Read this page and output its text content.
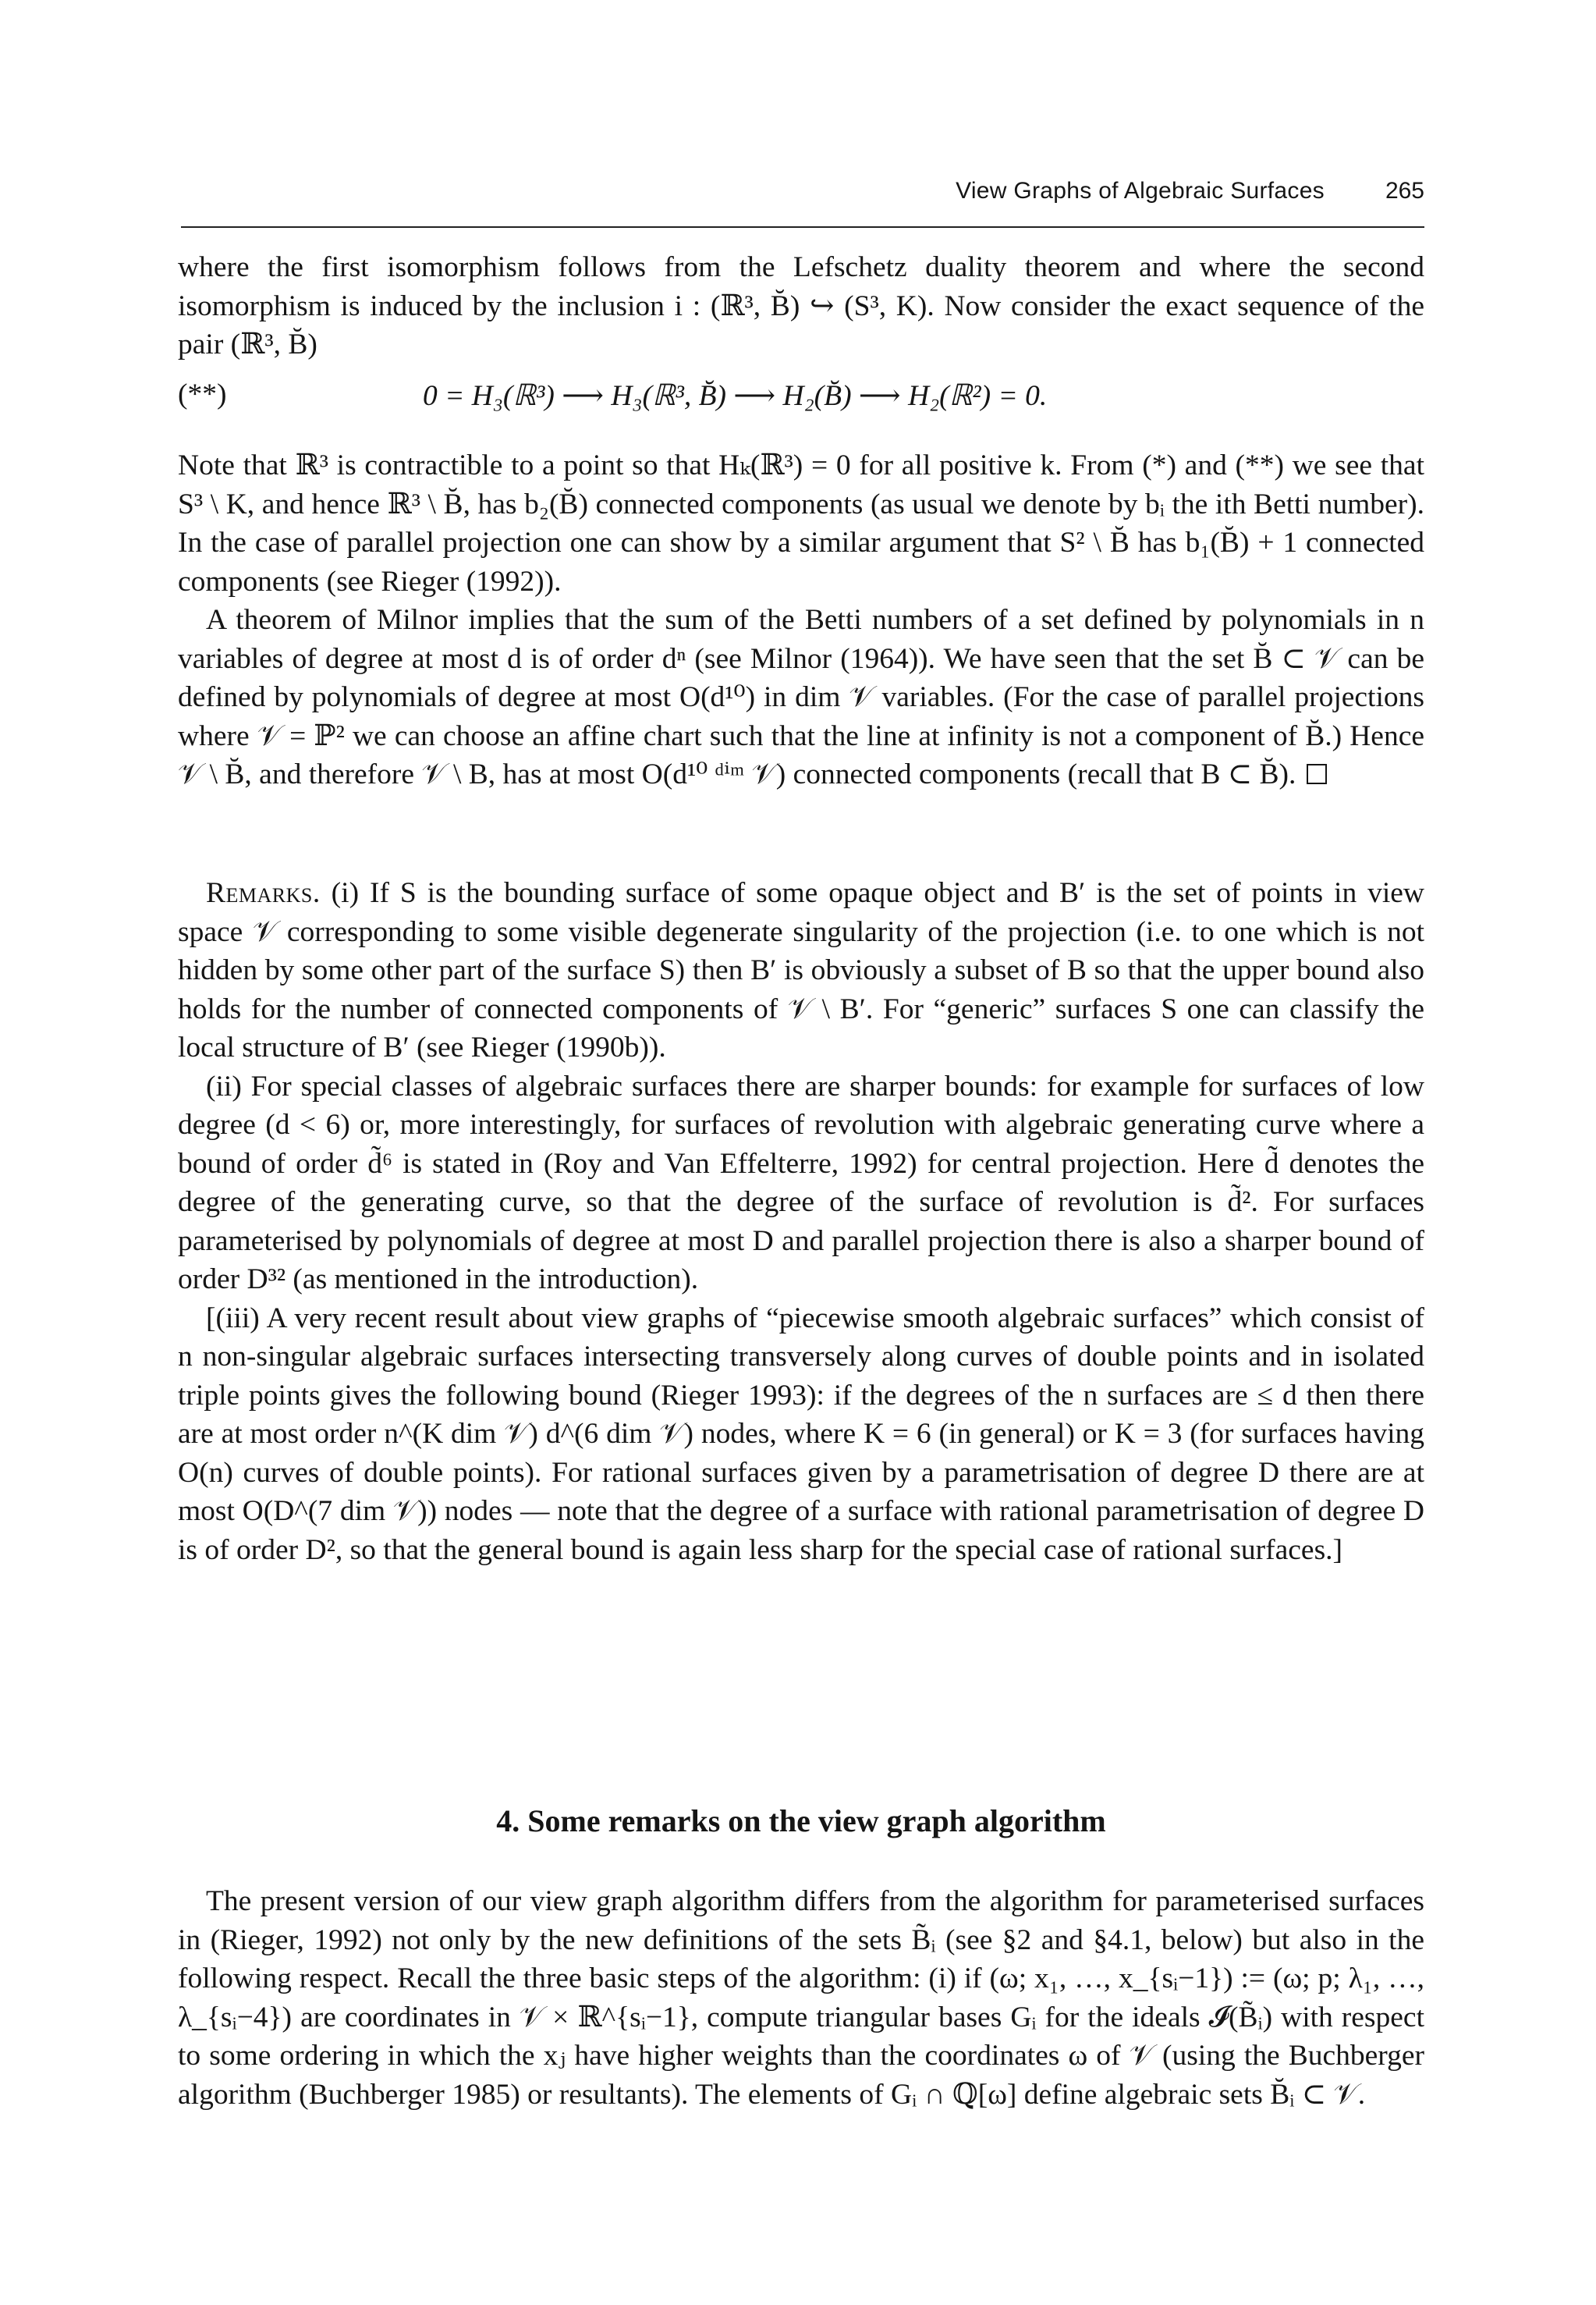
View Graphs of Algebraic Surfaces	265

where the first isomorphism follows from the Lefschetz duality theorem and where the second isomorphism is induced by the inclusion i : (ℝ³, B̆) ↪ (S³, K). Now consider the exact sequence of the pair (ℝ³, B̆)

(**)	0 = H₃(ℝ³) ⟶ H₃(ℝ³, B̆) ⟶ H₂(B̆) ⟶ H₂(ℝ²) = 0.

Note that ℝ³ is contractible to a point so that Hₖ(ℝ³) = 0 for all positive k. From (*) and (**) we see that S³ \ K, and hence ℝ³ \ B̆, has b₂(B̆) connected components (as usual we denote by bᵢ the ith Betti number). In the case of parallel projection one can show by a similar argument that S² \ B̆ has b₁(B̆) + 1 connected components (see Rieger (1992)).

A theorem of Milnor implies that the sum of the Betti numbers of a set defined by polynomials in n variables of degree at most d is of order dⁿ (see Milnor (1964)). We have seen that the set B̆ ⊂ 𝒱 can be defined by polynomials of degree at most O(d¹⁰) in dim 𝒱 variables. (For the case of parallel projections where 𝒱 = ℙ² we can choose an affine chart such that the line at infinity is not a component of B̆.) Hence 𝒱 \ B̆, and therefore 𝒱 \ B, has at most O(d¹⁰ ᵈⁱᵐ 𝒱) connected components (recall that B ⊂ B̆).

Remarks. (i) If S is the bounding surface of some opaque object and B′ is the set of points in view space 𝒱 corresponding to some visible degenerate singularity of the projection (i.e. to one which is not hidden by some other part of the surface S) then B′ is obviously a subset of B so that the upper bound also holds for the number of connected components of 𝒱 \ B′. For “generic” surfaces S one can classify the local structure of B′ (see Rieger (1990b)).

(ii) For special classes of algebraic surfaces there are sharper bounds: for example for surfaces of low degree (d < 6) or, more interestingly, for surfaces of revolution with algebraic generating curve where a bound of order d̃⁶ is stated in (Roy and Van Effelterre, 1992) for central projection. Here d̃ denotes the degree of the generating curve, so that the degree of the surface of revolution is d̃². For surfaces parameterised by polynomials of degree at most D and parallel projection there is also a sharper bound of order D³² (as mentioned in the introduction).

[(iii) A very recent result about view graphs of “piecewise smooth algebraic surfaces” which consist of n non-singular algebraic surfaces intersecting transversely along curves of double points and in isolated triple points gives the following bound (Rieger 1993): if the degrees of the n surfaces are ≤ d then there are at most order n^(K dim 𝒱) d^(6 dim 𝒱) nodes, where K = 6 (in general) or K = 3 (for surfaces having O(n) curves of double points). For rational surfaces given by a parametrisation of degree D there are at most O(D^(7 dim 𝒱)) nodes — note that the degree of a surface with rational parametrisation of degree D is of order D², so that the general bound is again less sharp for the special case of rational surfaces.]

4. Some remarks on the view graph algorithm

The present version of our view graph algorithm differs from the algorithm for parameterised surfaces in (Rieger, 1992) not only by the new definitions of the sets B̃ᵢ (see §2 and §4.1, below) but also in the following respect. Recall the three basic steps of the algorithm: (i) if (ω; x₁, …, x_{sᵢ−1}) := (ω; p; λ₁, …, λ_{sᵢ−4}) are coordinates in 𝒱 × ℝ^{sᵢ−1}, compute triangular bases Gᵢ for the ideals 𝓘(B̃ᵢ) with respect to some ordering in which the xⱼ have higher weights than the coordinates ω of 𝒱 (using the Buchberger algorithm (Buchberger 1985) or resultants). The elements of Gᵢ ∩ ℚ[ω] define algebraic sets B̆ᵢ ⊂ 𝒱.
